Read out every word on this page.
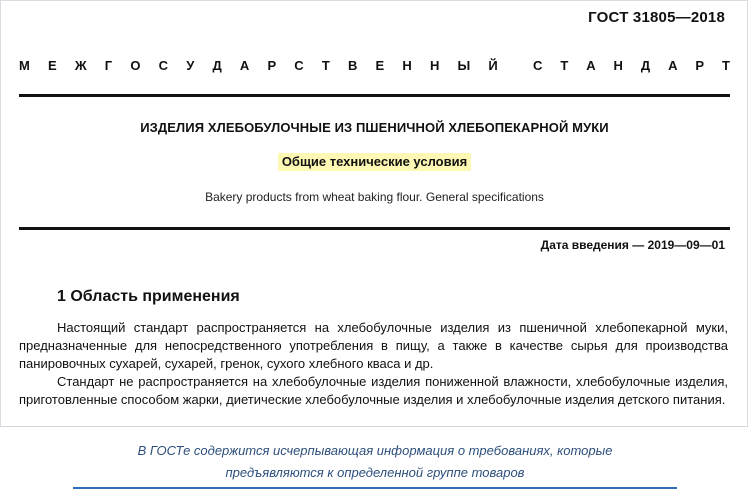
ГОСТ 31805—2018
М Е Ж Г О С У Д А Р С Т В Е Н Н Ы Й	С Т А Н Д А Р Т
ИЗДЕЛИЯ ХЛЕБОБУЛОЧНЫЕ ИЗ ПШЕНИЧНОЙ ХЛЕБОПЕКАРНОЙ МУКИ
Общие технические условия
Bakery products from wheat baking flour. General specifications
Дата введения — 2019—09—01
1 Область применения

Настоящий стандарт распространяется на хлебобулочные изделия из пшеничной хлебопекарной муки, предназначенные для непосредственного употребления в пищу, а также в качестве сырья для производства панировочных сухарей, сухарей, гренок, сухого хлебного кваса и др.

Стандарт не распространяется на хлебобулочные изделия пониженной влажности, хлебобулочные изделия, приготовленные способом жарки, диетические хлебобулочные изделия и хлебобулочные изделия детского питания.

В ГОСТе содержится исчерпывающая информация о требованиях, которые
предъявляются к определенной группе товаров
